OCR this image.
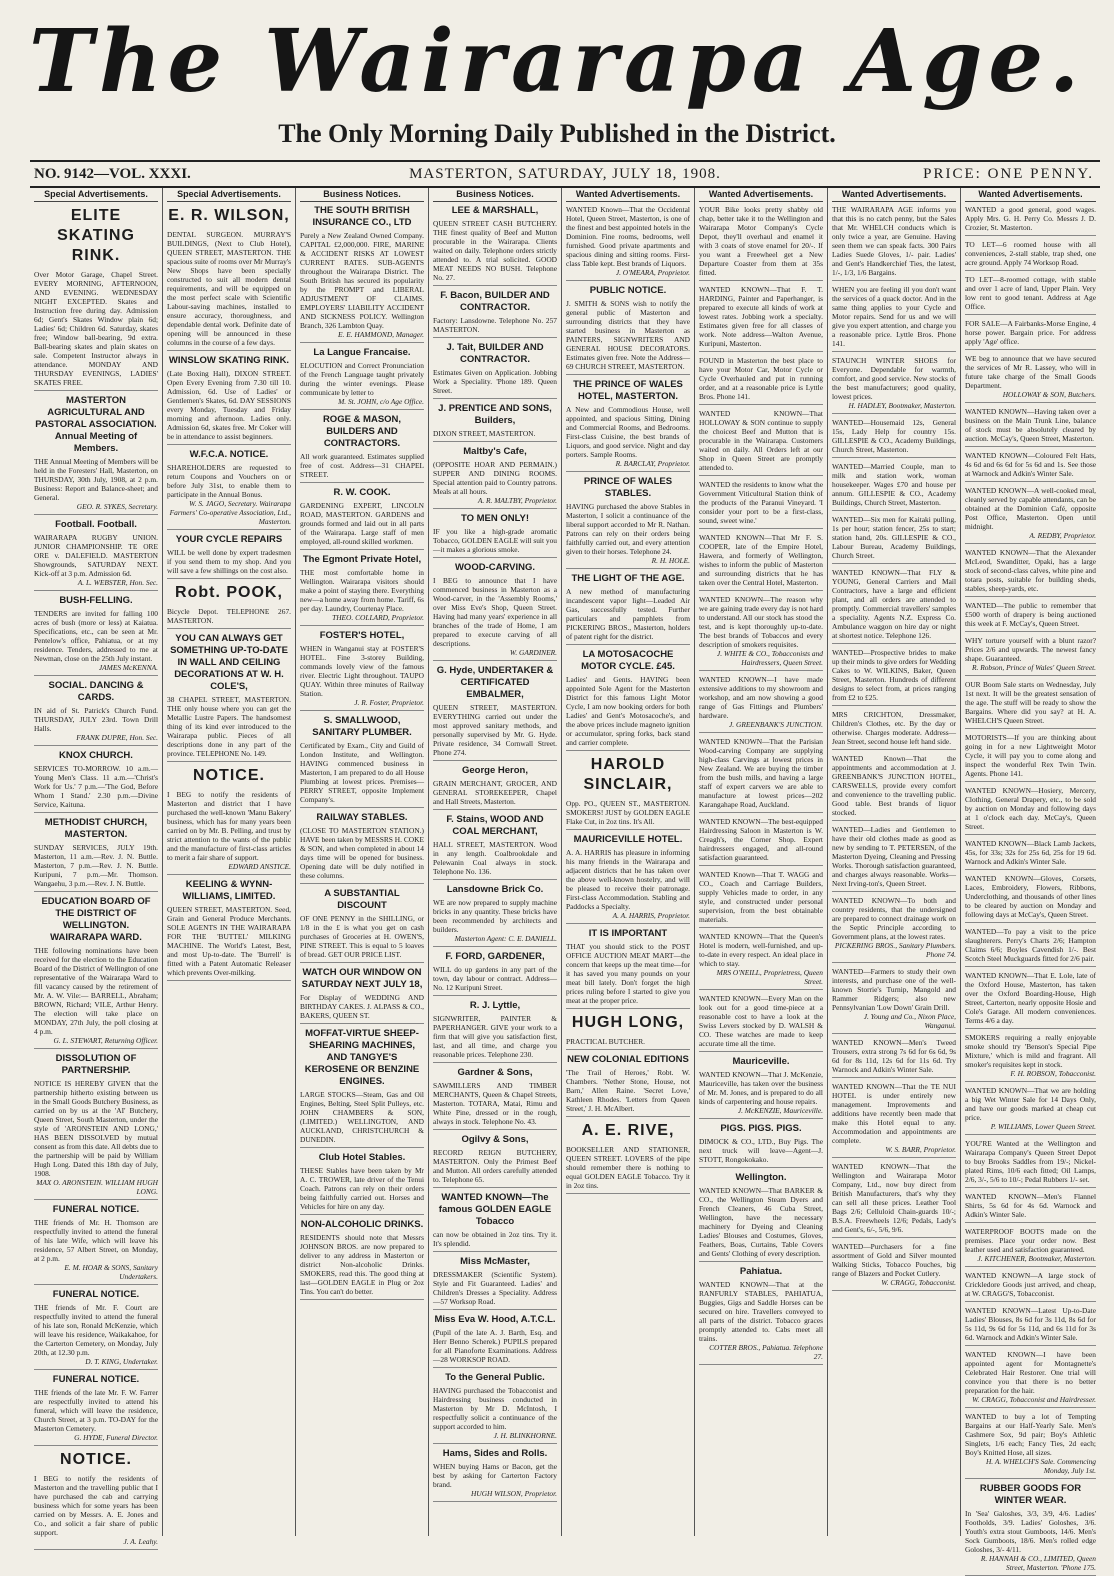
The Wairarapa Age.
The Only Morning Daily Published in the District.
MASTERTON, SATURDAY, JULY 18, 1908.
NO. 9142—VOL. XXXI.	PRICE: ONE PENNY.
Special Advertisements.
ELITE SKATING RINK.
Over Motor Garage, Chapel Street. EVERY MORNING, AFTERNOON, AND EVENING. WEDNESDAY NIGHT EXCEPTED. Skates and Instruction free during day. Admission 6d; Gent's Skates Window plain 6d; Ladies' 6d; Children 6d. Saturday, skates free; Window ball-bearing, 9d extra. Ball-bearing skates and plain skates on sale. Competent Instructor always in attendance. MONDAY AND THURSDAY EVENINGS, LADIES' SKATES FREE.
MASTERTON AGRICULTURAL AND PASTORAL ASSOCIATION. Annual Meeting of Members.
THE Annual Meeting of Members will be held in the Foresters' Hall, Masterton, on THURSDAY, 30th July, 1908, at 2 p.m. Business: Report and Balance-sheet; and General.
GEO. R. SYKES, Secretary.
Football. Football.
WAIRARAPA RUGBY UNION. JUNIOR CHAMPIONSHIP. TE ORE ORE v. DALEFIELD. MASTERTON Showgrounds, SATURDAY NEXT. Kick-off at 3 p.m. Admission 6d.
A. L. WEBSTER, Hon. Sec.
BUSH-FELLING.
TENDERS are invited for falling 100 acres of bush (more or less) at Kaiatua. Specifications, etc., can be seen at Mr. Pentelow's office, Pahiatua, or at my residence. Tenders, addressed to me at Newman, close on the 25th July instant.
JAMES McKENNA.
SOCIAL. DANCING & CARDS.
IN aid of St. Patrick's Church Fund. THURSDAY, JULY 23rd. Town Drill Halls.
FRANK DUPRE, Hon. Sec.
KNOX CHURCH.
SERVICES TO-MORROW. 10 a.m.—Young Men's Class. 11 a.m.—'Christ's Work for Us.' 7 p.m.—'The God, Before Whom I Stand.' 2.30 p.m.—Divine Service, Kaituna.
METHODIST CHURCH, MASTERTON.
SUNDAY SERVICES, JULY 19th. Masterton, 11 a.m.—Rev. J. N. Buttle. Masterton, 7 p.m.—Rev. J. N. Buttle. Kuripuni, 7 p.m.—Mr. Thomson. Wangaehu, 3 p.m.—Rev. J. N. Buttle.
EDUCATION BOARD OF THE DISTRICT OF WELLINGTON. WAIRARAPA WARD.
THE following nominations have been received for the election to the Education Board of the District of Wellington of one representative of the Wairarapa Ward to fill vacancy caused by the retirement of Mr. A. W. Vile:— BARRELL, Abraham; BROWN, Richard; VILE, Arthur Henry. The election will take place on MONDAY, 27th July, the poll closing at 4 p.m.
G. L. STEWART, Returning Officer.
DISSOLUTION OF PARTNERSHIP.
NOTICE IS HEREBY GIVEN that the partnership hitherto existing between us in the Small Goods Butchery Business, as carried on by us at the 'AI' Butchery, Queen Street, South Masterton, under the style of 'ARONSTEIN AND LONG,' HAS BEEN DISSOLVED by mutual consent as from this date. All debts due to the partnership will be paid by William Hugh Long. Dated this 18th day of July, 1908.
MAX O. ARONSTEIN. WILLIAM HUGH LONG.
FUNERAL NOTICE.
THE friends of Mr. H. Thomson are respectfully invited to attend the funeral of his late Wife, which will leave his residence, 57 Albert Street, on Monday, at 2 p.m.
E. M. HOAR & SONS, Sanitary Undertakers.
FUNERAL NOTICE.
THE friends of Mr. F. Court are respectfully invited to attend the funeral of his late son, Ronald McKenzie, which will leave his residence, Waikakahoe, for the Carterton Cemetery, on Monday, July 20th, at 12.30 p.m.
D. T. KING, Undertaker.
FUNERAL NOTICE.
THE friends of the late Mr. F. W. Farrer are respectfully invited to attend his funeral, which will leave the residence, Church Street, at 3 p.m. TO-DAY for the Masterton Cemetery.
G. HYDE, Funeral Director.
NOTICE.
I BEG to notify the residents of Masterton and the travelling public that I have purchased the cab and carrying business which for some years has been carried on by Messrs. A. E. Jones and Co., and solicit a fair share of public support.
J. A. Leahy.
Special Advertisements.
E. R. WILSON,
DENTAL SURGEON. MURRAY'S BUILDINGS, (Next to Club Hotel), QUEEN STREET, MASTERTON. THE spacious suite of rooms over Mr Murray's New Shops have been specially constructed to suit all modern dental requirements, and will be equipped on the most perfect scale with Scientific Labour-saving machines, installed to ensure accuracy, thoroughness, and dependable dental work. Definite date of opening will be announced in these columns in the course of a few days.
WINSLOW SKATING RINK.
(Late Boxing Hall), DIXON STREET. Open Every Evening from 7.30 till 10. Admission, 6d. Use of Ladies' or Gentlemen's Skates, 6d. DAY SESSIONS every Monday, Tuesday and Friday morning and afternoon. Ladies only. Admission 6d, skates free. Mr Coker will be in attendance to assist beginners.
W.F.C.A. NOTICE.
SHAREHOLDERS are requested to return Coupons and Vouchers on or before July 31st, to enable them to participate in the Annual Bonus.
W. S. JAGO, Secretary. Wairarapa Farmers' Co-operative Association, Ltd., Masterton.
YOUR CYCLE REPAIRS
WILL be well done by expert tradesmen if you send them to my shop. And you will save a few shillings on the cost also.
Robt. POOK,
Bicycle Depot. TELEPHONE 267. MASTERTON.
YOU CAN ALWAYS GET SOMETHING UP-TO-DATE IN WALL AND CEILING DECORATIONS AT W. H. COLE'S,
38 CHAPEL STREET, MASTERTON. THE only house where you can get the Metallic Lustre Papers. The handsomest thing of its kind ever introduced to the Wairarapa public. Pieces of all descriptions done in any part of the province. TELEPHONE No. 149.
NOTICE.
I BEG to notify the residents of Masterton and district that I have purchased the well-known 'Manu Bakery' business, which has for many years been carried on by Mr. B. Pelling, and trust by strict attention to the wants of the public and the manufacture of first-class articles to merit a fair share of support.
EDWARD ANSTICE.
KEELING & WYNN-WILLIAMS, LIMITED.
QUEEN STREET, MASTERTON. Seed, Grain and General Produce Merchants. SOLE AGENTS IN THE WAIRARAPA FOR THE 'BUTTEL' MILKING MACHINE. The World's Latest, Best, and most Up-to-date. The 'Burrell' is fitted with a Patent Automatic Releaser which prevents Over-milking.
Business Notices.
THE SOUTH BRITISH INSURANCE CO., LTD
Purely a New Zealand Owned Company. CAPITAL £2,000,000. FIRE, MARINE & ACCIDENT RISKS AT LOWEST CURRENT RATES. SUB-AGENTS throughout the Wairarapa District. The South British has secured its popularity by the PROMPT and LIBERAL ADJUSTMENT OF CLAIMS. EMPLOYERS' LIABILITY ACCIDENT AND SICKNESS POLICY. Wellington Branch, 326 Lambton Quay.
E. E. HAMMOND, Manager.
La Langue Francaise.
ELOCUTION and Correct Pronunciation of the French Language taught privately during the winter evenings. Please communicate by letter to
M. St. JOHN, c/o Age Office.
ROGE & MASON, BUILDERS AND CONTRACTORS.
All work guaranteed. Estimates supplied free of cost. Address—31 CHAPEL STREET.
R. W. COOK.
GARDENING EXPERT, LINCOLN ROAD, MASTERTON. GARDENS and grounds formed and laid out in all parts of the Wairarapa. Large staff of men employed, all-round skilled workmen.
The Egmont Private Hotel,
THE most comfortable home in Wellington. Wairarapa visitors should make a point of staying there. Everything new—a home away from home. Tariff, 6s per day. Laundry, Courtenay Place.
THEO. COLLARD, Proprietor.
FOSTER'S HOTEL,
WHEN in Wanganui stay at FOSTER'S HOTEL. Fine 3-storey Building, commands lovely view of the famous river. Electric Light throughout. TAUPO QUAY. Within three minutes of Railway Station.
J. R. Foster, Proprietor.
S. SMALLWOOD, SANITARY PLUMBER.
Certificated by Exam., City and Guild of London Institute, and Wellington. HAVING commenced business in Masterton, I am prepared to do all House Plumbing at lowest prices. Premises—PERRY STREET, opposite Implement Company's.
RAILWAY STABLES.
(CLOSE TO MASTERTON STATION.) HAVE been taken by MESSRS H. COKE & SON, and when completed in about 14 days time will be opened for business. Opening date will be duly notified in these columns.
A SUBSTANTIAL DISCOUNT
OF ONE PENNY in the SHILLING, or 1/8 in the £ is what you get on cash purchases of Groceries at H. OWEN'S, PINE STREET. This is equal to 5 loaves of bread. GET OUR PRICE LIST.
WATCH OUR WINDOW ON SATURDAY NEXT JULY 18,
For Display of WEDDING AND BIRTHDAY CAKES. J. ALPASS & CO., BAKERS, QUEEN ST.
MOFFAT-VIRTUE SHEEP-SHEARING MACHINES, AND TANGYE'S KEROSENE OR BENZINE ENGINES.
LARGE STOCKS—Steam, Gas and Oil Engines, Belting, Steel Split Pulleys, etc. JOHN CHAMBERS & SON, (LIMITED.) WELLINGTON, AND AUCKLAND, CHRISTCHURCH & DUNEDIN.
Club Hotel Stables.
THESE Stables have been taken by Mr A. C. TROWER, late driver of the Tenui Coach. Patrons can rely on their orders being faithfully carried out. Horses and Vehicles for hire on any day.
NON-ALCOHOLIC DRINKS.
RESIDENTS should note that Messrs JOHNSON BROS. are now prepared to deliver to any address in Masterton or district Non-alcoholic Drinks. SMOKERS, read this. The good thing at last—GOLDEN EAGLE in Plug or 2oz Tins. You can't do better.
Business Notices.
LEE & MARSHALL,
QUEEN STREET CASH BUTCHERY. THE finest quality of Beef and Mutton procurable in the Wairarapa. Clients waited on daily. Telephone orders strictly attended to. A trial solicited. GOOD MEAT NEEDS NO BUSH. Telephone No. 27.
F. Bacon, BUILDER AND CONTRACTOR.
Factory: Lansdowne. Telephone No. 257 MASTERTON.
J. Tait, BUILDER AND CONTRACTOR.
Estimates Given on Application. Jobbing Work a Speciality. 'Phone 189. Queen Street.
J. PRENTICE AND SONS, Builders,
DIXON STREET, MASTERTON.
Maltby's Cafe,
(OPPOSITE HOAR AND PERMAIN.) SUPPER AND DINING ROOMS. Special attention paid to Country patrons. Meals at all hours.
A. R. MALTBY, Proprietor.
TO MEN ONLY!
IF you like a high-grade aromatic Tobacco, GOLDEN EAGLE will suit you—it makes a glorious smoke.
WOOD-CARVING.
I BEG to announce that I have commenced business in Masterton as a Wood-carver, in the 'Assembly Rooms,' over Miss Eve's Shop, Queen Street. Having had many years' experience in all branches of the trade of Home, I am prepared to execute carving of all descriptions.
W. GARDINER.
G. Hyde, UNDERTAKER & CERTIFICATED EMBALMER,
QUEEN STREET, MASTERTON. EVERYTHING carried out under the most approved sanitary methods, and personally supervised by Mr. G. Hyde. Private residence, 34 Cornwall Street. Phone 274.
George Heron,
GRAIN MERCHANT, GROCER, AND GENERAL STOREKEEPER, Chapel and Hall Streets, Masterton.
F. Stains, WOOD AND COAL MERCHANT,
HALL STREET, MASTERTON. Wood in any length. Coalbrookdale and Pelewanin Coal always in stock. Telephone No. 136.
Lansdowne Brick Co.
WE are now prepared to supply machine bricks in any quantity. These bricks have been recommended by architects and builders.
Masterton Agent: C. E. DANIELL.
F. FORD, GARDENER,
WILL do up gardens in any part of the town, day labour or contract. Address—No. 12 Kuripuni Street.
R. J. Lyttle,
SIGNWRITER, PAINTER & PAPERHANGER. GIVE your work to a firm that will give you satisfaction first, last, and all time, and charge you reasonable prices. Telephone 230.
Gardner & Sons,
SAWMILLERS AND TIMBER MERCHANTS, Queen & Chapel Streets, Masterton. TOTARA, Matai, Rimu and White Pine, dressed or in the rough, always in stock. Telephone No. 43.
Ogilvy & Sons,
RECORD REIGN BUTCHERY, MASTERTON. Only the Primest Beef and Mutton. All orders carefully attended to. Telephone 65.
WANTED KNOWN—The famous GOLDEN EAGLE Tobacco
can now be obtained in 2oz tins. Try it. It's splendid.
Miss McMaster,
DRESSMAKER (Scientific System). Style and Fit Guaranteed. Ladies' and Children's Dresses a Speciality. Address—57 Worksop Road.
Miss Eva W. Hood, A.T.C.L.
(Pupil of the late A. J. Barth, Esq. and Herr Benno Scherek.) PUPILS prepared for all Pianoforte Examinations. Address—28 WORKSOP ROAD.
To the General Public.
HAVING purchased the Tobacconist and Hairdressing business conducted in Masterton by Mr D. McIntosh, I respectfully solicit a continuance of the support accorded to him.
J. H. BLINKHORNE.
Hams, Sides and Rolls.
WHEN buying Hams or Bacon, get the best by asking for Carterton Factory brand.
HUGH WILSON, Proprietor.
Wanted Advertisements.
WANTED Known—That the Occidental Hotel, Queen Street, Masterton, is one of the finest and best appointed hotels in the Dominion. Fine rooms, bedrooms, well furnished. Good private apartments and spacious dining and sitting rooms. First-class Table kept. Best brands of Liquors.
J. O'MEARA, Proprietor.
PUBLIC NOTICE.
J. SMITH & SONS wish to notify the general public of Masterton and surrounding districts that they have started business in Masterton as PAINTERS, SIGNWRITERS AND GENERAL HOUSE DECORATORS. Estimates given free. Note the Address—69 CHURCH STREET, MASTERTON.
THE PRINCE OF WALES HOTEL, MASTERTON.
A New and Commodious House, well appointed, and spacious Sitting, Dining and Commercial Rooms, and Bedrooms. First-class Cuisine, the best brands of Liquors, and good service. Night and day porters. Sample Rooms.
R. BARCLAY, Proprietor.
PRINCE OF WALES STABLES.
HAVING purchased the above Stables in Masterton, I solicit a continuance of the liberal support accorded to Mr R. Nathan. Patrons can rely on their orders being faithfully carried out, and every attention given to their horses. Telephone 24.
R. H. HOLE.
THE LIGHT OF THE AGE.
A new method of manufacturing incandescent vapor light—Leaded Air Gas, successfully tested. Further particulars and pamphlets from PICKERING BROS., Masterton, holders of patent right for the district.
LA MOTOSACOCHE MOTOR CYCLE. £45.
Ladies' and Gents. HAVING been appointed Sole Agent for the Masterton District for this famous Light Motor Cycle, I am now booking orders for both Ladies' and Gent's Motosacoche's, and the above prices include magneto ignition or accumulator, spring forks, back stand and carrier complete.
HAROLD SINCLAIR,
Opp. PO., QUEEN ST., MASTERTON. SMOKERS! JUST by GOLDEN EAGLE Flake Cut, in 2oz tins. It's All.
MAURICEVILLE HOTEL.
A. A. HARRIS has pleasure in informing his many friends in the Wairarapa and adjacent districts that he has taken over the above well-known hostelry, and will be pleased to receive their patronage. First-class Accommodation. Stabling and Paddocks a Specialty.
A. A. HARRIS, Proprietor.
IT IS IMPORTANT
THAT you should stick to the POST OFFICE AUCTION MEAT MART—the concern that keeps up the meat time—for it has saved you many pounds on your meat bill lately. Don't forget the high prices ruling before I started to give you meat at the proper price.
HUGH LONG,
PRACTICAL BUTCHER.
NEW COLONIAL EDITIONS
'The Trail of Heroes,' Robt. W. Chambers. 'Nether Stone, House, not Barn,' Allen Raine. 'Secret Love,' Kathleen Rhodes. 'Letters from Queen Street,' J. H. McAlbert.
A. E. RIVE,
BOOKSELLER AND STATIONER, QUEEN STREET. LOVERS of the pipe should remember there is nothing to equal GOLDEN EAGLE Tobacco. Try it in 2oz tins.
Wanted Advertisements.
YOUR Bike looks pretty shabby old chap, better take it to the Wellington and Wairarapa Motor Company's Cycle Depot, they'll overhaul and enamel it with 3 coats of stove enamel for 20/-. If you want a Freewheel get a New Departure Coaster from them at 35s fitted.
WANTED KNOWN—That F. T. HARDING, Painter and Paperhanger, is prepared to execute all kinds of work at lowest rates. Jobbing work a specialty. Estimates given free for all classes of work. Note address—Walton Avenue, Kuripuni, Masterton.
FOUND in Masterton the best place to have your Motor Car, Motor Cycle or Cycle Overhauled and put in running order, and at a reasonable price is Lyttle Bros. Phone 141.
WANTED KNOWN—That HOLLOWAY & SON continue to supply the choicest Beef and Mutton that is procurable in the Wairarapa. Customers waited on daily. All Orders left at our Shop in Queen Street are promptly attended to.
WANTED the residents to know what the Government Viticultural Station think of the products of the Paranui Vineyard. 'I consider your port to be a first-class, sound, sweet wine.'
WANTED KNOWN—That Mr F. S. COOPER, late of the Empire Hotel, Hawera, and formerly of Wellington, wishes to inform the public of Masterton and surrounding districts that he has taken over the Central Hotel, Masterton.
WANTED KNOWN—The reason why we are gaining trade every day is not hard to understand. All our stock has stood the test, and is kept thoroughly up-to-date. The best brands of Tobaccos and every description of smokers requisites.
J. WHITE & CO., Tobacconists and Hairdressers, Queen Street.
WANTED KNOWN—I have made extensive additions to my showroom and workshop, and am now showing a good range of Gas Fittings and Plumbers' hardware.
J. GREENBANK'S JUNCTION.
WANTED KNOWN—That the Parisian Wood-carving Company are supplying high-class Carvings at lowest prices in New Zealand. We are buying the timber from the bush mills, and having a large staff of expert carvers we are able to manufacture at lowest prices—202 Karangahape Road, Auckland.
WANTED KNOWN—The best-equipped Hairdressing Saloon in Masterton is W. Creagh's, the Corner Shop. Expert hairdressers engaged, and all-round satisfaction guaranteed.
WANTED Known—That T. WAGG and CO., Coach and Carriage Builders, supply Vehicles made to order, in any style, and constructed under personal supervision, from the best obtainable materials.
WANTED KNOWN—That the Queen's Hotel is modern, well-furnished, and up-to-date in every respect. An ideal place in which to stay.
MRS O'NEILL, Proprietress, Queen Street.
WANTED KNOWN—Every Man on the look out for a good time-piece at a reasonable cost to have a look at the Swiss Levers stocked by D. WALSH & CO. These watches are made to keep accurate time all the time.
Mauriceville.
WANTED KNOWN—That J. McKenzie, Mauriceville, has taken over the business of Mr. M. Jones, and is prepared to do all kinds of carpentering and house repairs.
J. McKENZIE, Mauriceville.
PIGS. PIGS. PIGS.
DIMOCK & CO., LTD., Buy Pigs. The next truck will leave—Agent—J. STOTT, Rongokokako.
Wellington.
WANTED KNOWN—That BARKER & CO., the Wellington Steam Dyers and French Cleaners, 46 Cuba Street, Wellington, have the necessary machinery for Dyeing and Cleaning Ladies' Blouses and Costumes, Gloves, Feathers, Boas, Curtains, Table Covers and Gents' Clothing of every description.
Pahiatua.
WANTED KNOWN—That at the RANFURLY STABLES, PAHIATUA, Buggies, Gigs and Saddle Horses can be secured on hire. Travellers conveyed to all parts of the district. Tobacco graces promptly attended to. Cabs meet all trains.
COTTER BROS., Pahiatua. Telephone 27.
Wanted Advertisements.
THE WAIRARAPA AGE informs you that this is no catch penny, but the Sales that Mr. WHELCH conducts which is only twice a year, are Genuine. Having seen them we can speak facts. 300 Pairs Ladies Suede Gloves, 1/- pair. Ladies' and Gent's Handkerchief Ties, the latest, 1/-, 1/3, 1/6 Bargains.
WHEN you are feeling ill you don't want the services of a quack doctor. And in the same thing applies to your Cycle and Motor repairs. Send for us and we will give you expert attention, and charge you a reasonable price. Lyttle Bros. Phone 141.
STAUNCH WINTER SHOES for Everyone. Dependable for warmth, comfort, and good service. New stocks of the best manufacturers; good quality, lowest prices.
H. HADLEY, Bootmaker, Masterton.
WANTED—Housemaid 12s, General 15s, Lady Help for country 15s. GILLESPIE & CO., Academy Buildings, Church Street, Masterton.
WANTED—Married Couple, man to milk and station work, woman housekeeper. Wages £70 and house per annum. GILLESPIE & CO., Academy Buildings, Church Street, Masterton.
WANTED—Six men for Kaitaki pulling, 1s per hour; station fencer, 25s to start; station hand, 20s. GILLESPIE & CO., Labour Bureau, Academy Buildings, Church Street.
WANTED KNOWN—That FLY & YOUNG, General Carriers and Mail Contractors, have a large and efficient plant, and all orders are attended to promptly. Commercial travellers' samples a speciality. Agents N.Z. Express Co. Ambulance waggon on hire day or night at shortest notice. Telephone 126.
WANTED—Prospective brides to make up their minds to give orders for Wedding Cakes to W. WILKINS, Baker, Queen Street, Masterton. Hundreds of different designs to select from, at prices ranging from £2 to £25.
MRS CRICHTON, Dressmaker, Children's Clothes, etc. By the day or otherwise. Charges moderate. Address—Jean Street, second house left hand side.
WANTED Known—That the appointments and accommodation at J. GREENBANK'S JUNCTION HOTEL, CARSWELLS, provide every comfort and convenience to the travelling public. Good table. Best brands of liquor stocked.
WANTED—Ladies and Gentlemen to have their old clothes made as good as new by sending to T. PETERSEN, of the Masterton Dyeing, Cleaning and Pressing Works. Thorough satisfaction guaranteed, and charges always reasonable. Works—Next Irving-ton's, Queen Street.
WANTED KNOWN—To both and country residents, that the undersigned are prepared to connect drainage work on the Septic Principle according to Government plans, at the lowest rates.
PICKERING BROS., Sanitary Plumbers. Phone 74.
WANTED—Farmers to study their own interests, and purchase one of the well-known Storrie's Turnip, Mangold and Rammer Ridgers; also new Pennsylvanian 'Low Down' Grain Drill.
J. Young and Co., Nixon Place, Wanganui.
WANTED KNOWN—Men's Tweed Trousers, extra strong 7s 6d for 6s 6d, 9s 6d for 8s 11d, 12s 6d for 11s 6d. Try Warnock and Adkin's Winter Sale.
WANTED KNOWN—That the TE NUI HOTEL is under entirely new management. Improvements and additions have recently been made that make this Hotel equal to any. Accommodation and appointments are complete.
W. S. BARR, Proprietor.
WANTED KNOWN—That the Wellington and Wairarapa Motor Company, Ltd., now buy direct from British Manufacturers, that's why they can sell all these prices. Leather Tool Bags 2/6; Celluloid Chain-guards 10/-; B.S.A. Freewheels 12/6; Pedals, Lady's and Gent's, 6/-, 5/6, 9/6.
WANTED—Purchasers for a fine assortment of Gold and Silver mounted Walking Sticks, Tobacco Pouches, big range of Blazers and Pocket Cutlery.
W. CRAGG, Tobacconist.
Wanted Advertisements.
WANTED a good general, good wages. Apply Mrs. G. H. Perry Co. Messrs J. D. Crozier, St. Masterton.
TO LET—6 roomed house with all conveniences, 2-stall stable, trap shed, one acre ground. Apply 74 Worksop Road.
TO LET—8-roomed cottage, with stable and over 1 acre of land, Upper Plain. Very low rent to good tenant. Address at Age Office.
FOR SALE—A Fairbanks-Morse Engine, 4 horse power. Bargain price. For address apply 'Age' office.
WE beg to announce that we have secured the services of Mr R. Lassey, who will in future take charge of the Small Goods Department.
HOLLOWAY & SON, Butchers.
WANTED KNOWN—Having taken over a business on the Main Trunk Line, balance of stock must be absolutely cleared by auction. McCay's, Queen Street, Masterton.
WANTED KNOWN—Coloured Felt Hats, 4s 6d and 6s 6d for 5s 6d and 1s. See those at Warnock and Adkin's Winter Sale.
WANTED KNOWN—A well-cooked meal, cleanly served by capable attendants, can be obtained at the Dominion Café, opposite Post Office, Masterton. Open until midnight.
A. REDBY, Proprietor.
WANTED KNOWN—That the Alexander McLeod, Swanditter, Opaki, has a large stock of second-class calves, white pine and totara posts, suitable for building sheds, stables, sheep-yards, etc.
WANTED—The public to remember that £500 worth of drapery is being auctioned this week at F. McCay's, Queen Street.
WHY torture yourself with a blunt razor? Prices 2/6 and upwards. The newest fancy shape. Guaranteed.
R. Robson, Prince of Wales' Queen Street.
OUR Boom Sale starts on Wednesday, July 1st next. It will be the greatest sensation of the age. The stuff will be ready to show the Bargains. Where did you say? at H. A. WHELCH'S Queen Street.
MOTORISTS—If you are thinking about going in for a new Lightweight Motor Cycle, it will pay you to come along and inspect the wonderful Rex Twin Twin. Agents. Phone 141.
WANTED KNOWN—Hosiery, Mercery, Clothing, General Drapery, etc., to be sold by auction on Monday and following days at 1 o'clock each day. McCay's, Queen Street.
WANTED KNOWN—Black Lamb Jackets, 45s, for 33s; 32s for 25s 6d, 25s for 19 6d. Warnock and Adkin's Winter Sale.
WANTED KNOWN—Gloves, Corsets, Laces, Embroidery, Flowers, Ribbons, Underclothing, and thousands of other lines to be cleared by auction on Monday and following days at McCay's, Queen Street.
WANTED—To pay a visit to the price slaughterers. Perry's Charts 2/6; Hampton Claims 6/6; Boyles Cavendish 1/-. Best Scotch Steel Muckguards fitted for 2/6 pair.
WANTED KNOWN—That E. Lole, late of the Oxford House, Masterton, has taken over the Oxford Boarding-House, High Street, Carterton, nearly opposite Hosie and Cole's Garage. All modern conveniences. Terms 4/6 a day.
SMOKERS requiring a really enjoyable smoke should try 'Benson's Special Pipe Mixture,' which is mild and fragrant. All smoker's requisites kept in stock.
F. H. ROBSON, Tobacconist.
WANTED KNOWN—That we are holding a big Wet Winter Sale for 14 Days Only, and have our goods marked at cheap cut price.
P. WILLIAMS, Lower Queen Street.
YOU'RE Wanted at the Wellington and Wairarapa Company's Queen Street Depot to buy Brooks Saddles from 19/-; Nickel-plated Rims, 10/6 each fitted; Oil Lamps, 2/6, 3/-, 5/6 to 10/-; Pedal Rubbers 1/- set.
WANTED KNOWN—Men's Flannel Shirts, 5s 6d for 4s 6d. Warnock and Adkin's Winter Sale.
WATERPROOF BOOTS made on the premises. Place your order now. Best leather used and satisfaction guaranteed.
J. KITCHENER, Bootmaker, Masterton.
WANTED KNOWN—A large stock of Crickledore Goods just arrived, and cheap, at W. CRAGG'S, Tobacconist.
WANTED KNOWN—Latest Up-to-Date Ladies' Blouses, 8s 6d for 3s 11d, 8s 6d for 5s 11d, 9s 6d for 5s 11d, and 6s 11d for 3s 6d. Warnock and Adkin's Winter Sale.
WANTED KNOWN—I have been appointed agent for Montagnette's Celebrated Hair Restorer. One trial will convince you that there is no better preparation for the hair.
W. CRAGG, Tobacconist and Hairdresser.
WANTED to buy a lot of Tempting Bargains at our Half-Yearly Sale. Men's Cashmere Sox, 9d pair; Boy's Athletic Singlets, 1/6 each; Fancy Ties, 2d each; Boy's Knitted Hose, all sizes.
H. A. WHELCH'S Sale. Commencing Monday, July 1st.
RUBBER GOODS FOR WINTER WEAR.
In 'Sea' Galoshes, 3/3, 3/9, 4/6. Ladies' Footholds, 3/9. Ladies' Goloshes, 3/6. Youth's extra stout Gumboots, 14/6. Men's Sock Gumboots, 18/6. Men's rolled edge Goloshes, 3/- 4/11.
R. HANNAH & CO., LIMITED, Queen Street, Masterton. 'Phone 175.
